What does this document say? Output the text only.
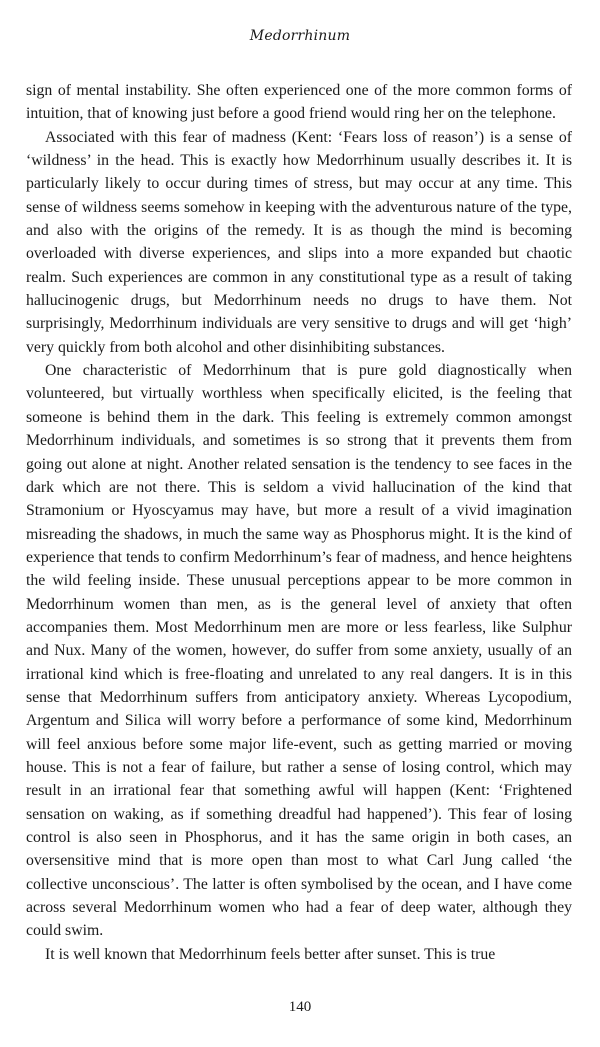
Medorrhinum

sign of mental instability. She often experienced one of the more common forms of intuition, that of knowing just before a good friend would ring her on the telephone.

Associated with this fear of madness (Kent: ‘Fears loss of reason’) is a sense of ‘wildness’ in the head. This is exactly how Medorrhinum usually describes it. It is particularly likely to occur during times of stress, but may occur at any time. This sense of wildness seems somehow in keeping with the adventurous nature of the type, and also with the origins of the remedy. It is as though the mind is becoming overloaded with diverse experiences, and slips into a more expanded but chaotic realm. Such experiences are common in any constitutional type as a result of taking hallucinogenic drugs, but Medorrhinum needs no drugs to have them. Not surprisingly, Medorrhinum individuals are very sensitive to drugs and will get ‘high’ very quickly from both alcohol and other disinhibiting substances.

One characteristic of Medorrhinum that is pure gold diagnostically when volunteered, but virtually worthless when specifically elicited, is the feeling that someone is behind them in the dark. This feeling is extremely common amongst Medorrhinum individuals, and sometimes is so strong that it prevents them from going out alone at night. Another related sensation is the tendency to see faces in the dark which are not there. This is seldom a vivid hallucination of the kind that Stramonium or Hyoscyamus may have, but more a result of a vivid imagination misreading the shadows, in much the same way as Phosphorus might. It is the kind of experience that tends to confirm Medorrhinum’s fear of madness, and hence heightens the wild feeling inside. These unusual perceptions appear to be more common in Medorrhinum women than men, as is the general level of anxiety that often accompanies them. Most Medorrhinum men are more or less fearless, like Sulphur and Nux. Many of the women, however, do suffer from some anxiety, usually of an irrational kind which is free-floating and unrelated to any real dangers. It is in this sense that Medorrhinum suffers from anticipatory anxiety. Whereas Lycopodium, Argentum and Silica will worry before a performance of some kind, Medorrhinum will feel anxious before some major life-event, such as getting married or moving house. This is not a fear of failure, but rather a sense of losing control, which may result in an irrational fear that something awful will happen (Kent: ‘Frightened sensation on waking, as if something dreadful had happened’). This fear of losing control is also seen in Phosphorus, and it has the same origin in both cases, an oversensitive mind that is more open than most to what Carl Jung called ‘the collective unconscious’. The latter is often symbolised by the ocean, and I have come across several Medorrhinum women who had a fear of deep water, although they could swim.

It is well known that Medorrhinum feels better after sunset. This is true

140
